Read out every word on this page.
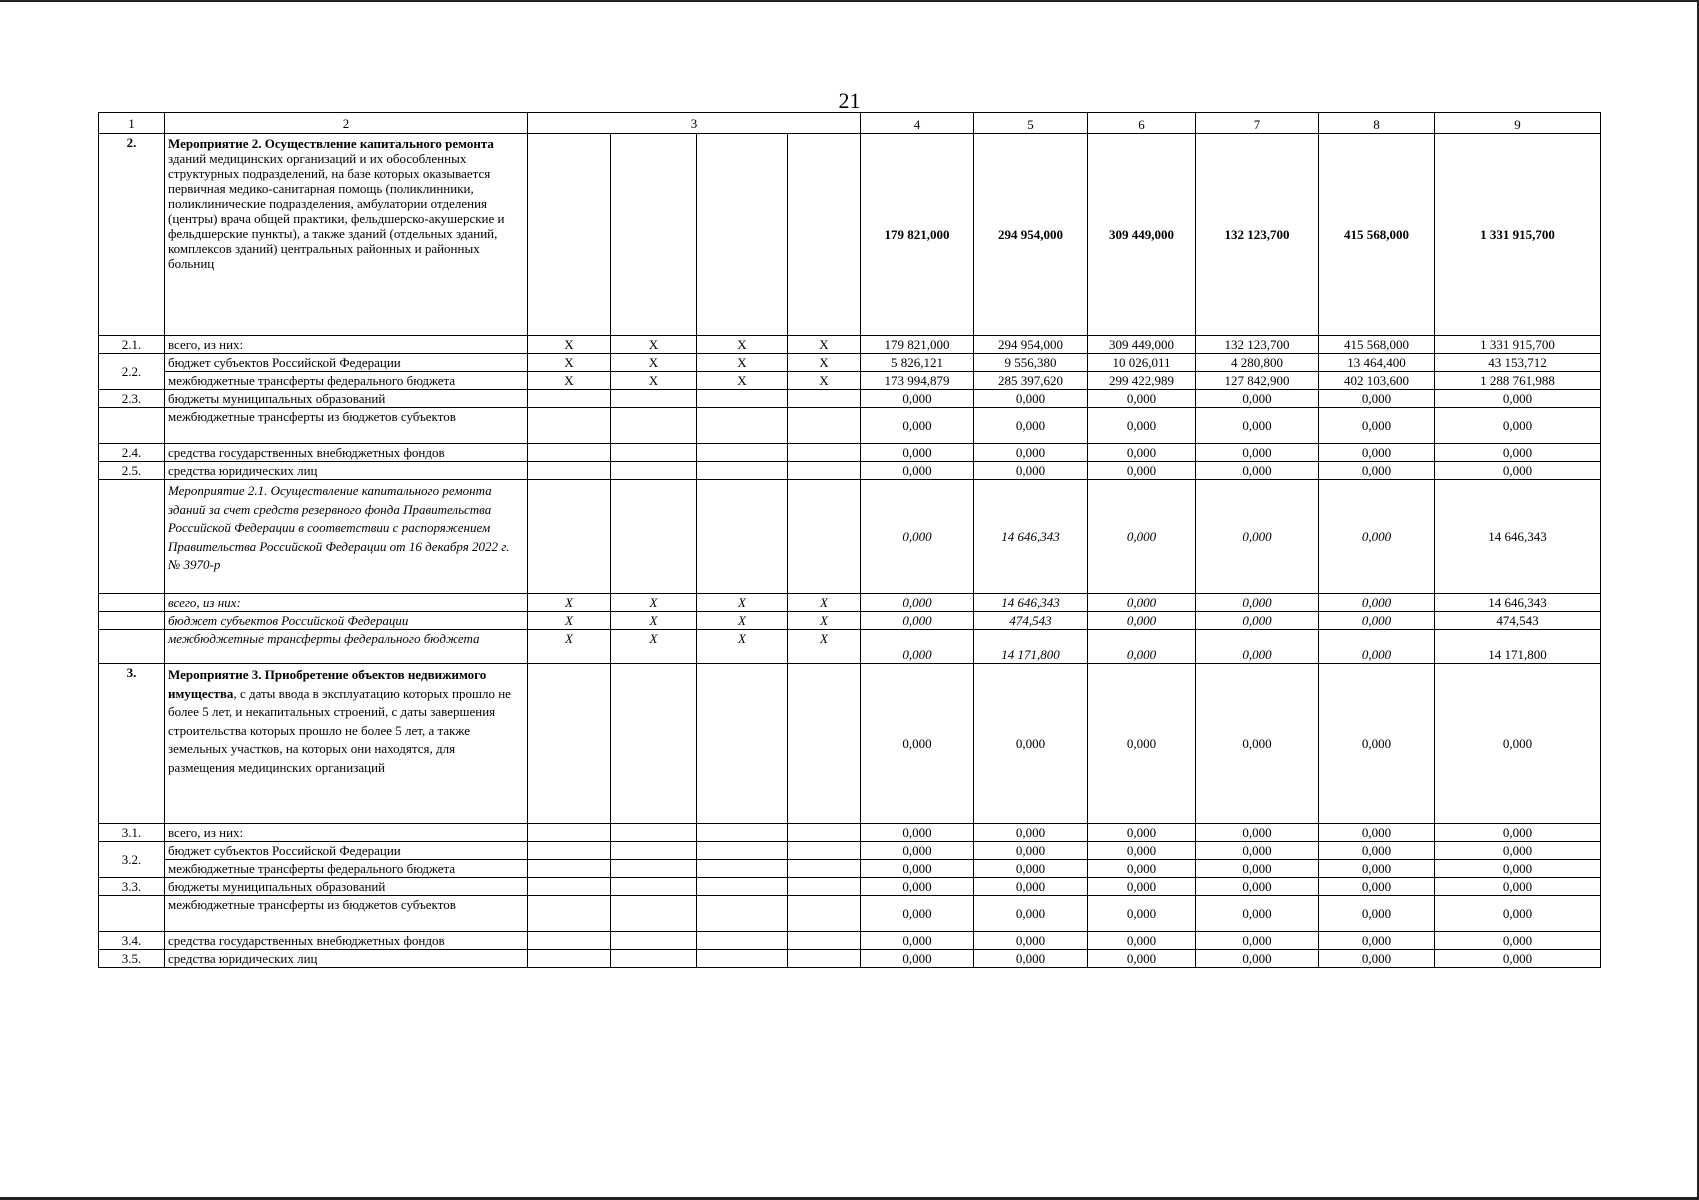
21
1	2	3				4	5	6	7	8	9
2.	Мероприятие 2. Осуществление капитального ремонта зданий медицинских организаций и их обособленных структурных подразделений, на базе которых оказывается первичная медико-санитарная помощь (поликлинники, поликлинические подразделения, амбулатории отделения (центры) врача общей практики, фельдшерско-акушерские и фельдшерские пункты), а также зданий (отдельных зданий, комплексов зданий) центральных районных и районных больниц					179 821,000	294 954,000	309 449,000	132 123,700	415 568,000	1 331 915,700
2.1.	всего, из них:	Х	Х	Х	Х	179 821,000	294 954,000	309 449,000	132 123,700	415 568,000	1 331 915,700
2.2.	бюджет субъектов Российской Федерации	Х	Х	Х	Х	5 826,121	9 556,380	10 026,011	4 280,800	13 464,400	43 153,712
	межбюджетные трансферты федерального бюджета	Х	Х	Х	Х	173 994,879	285 397,620	299 422,989	127 842,900	402 103,600	1 288 761,988
2.3.	бюджеты муниципальных образований					0,000	0,000	0,000	0,000	0,000	0,000
	межбюджетные трансферты из бюджетов субъектов					0,000	0,000	0,000	0,000	0,000	0,000
2.4.	средства государственных внебюджетных фондов					0,000	0,000	0,000	0,000	0,000	0,000
2.5.	средства юридических лиц					0,000	0,000	0,000	0,000	0,000	0,000
	Мероприятие 2.1. Осуществление капитального ремонта зданий за счет средств резервного фонда Правительства Российской Федерации в соответствии с распоряжением Правительства Российской Федерации от 16 декабря 2022 г. № 3970-р					0,000	14 646,343	0,000	0,000	0,000	14 646,343
	всего, из них:	Х	Х	Х	Х	0,000	14 646,343	0,000	0,000	0,000	14 646,343
	бюджет субъектов Российской Федерации	Х	Х	Х	Х	0,000	474,543	0,000	0,000	0,000	474,543
	межбюджетные трансферты федерального бюджета	Х	Х	Х	Х	0,000	14 171,800	0,000	0,000	0,000	14 171,800
3.	Мероприятие 3. Приобретение объектов недвижимого имущества, с даты ввода в эксплуатацию которых прошло не более 5 лет, и некапитальных строений, с даты завершения строительства которых прошло не более 5 лет, а также земельных участков, на которых они находятся, для размещения медицинских организаций					0,000	0,000	0,000	0,000	0,000	0,000
3.1.	всего, из них:					0,000	0,000	0,000	0,000	0,000	0,000
3.2.	бюджет субъектов Российской Федерации					0,000	0,000	0,000	0,000	0,000	0,000
	межбюджетные трансферты федерального бюджета					0,000	0,000	0,000	0,000	0,000	0,000
3.3.	бюджеты муниципальных образований					0,000	0,000	0,000	0,000	0,000	0,000
	межбюджетные трансферты из бюджетов субъектов					0,000	0,000	0,000	0,000	0,000	0,000
3.4.	средства государственных внебюджетных фондов					0,000	0,000	0,000	0,000	0,000	0,000
3.5.	средства юридических лиц					0,000	0,000	0,000	0,000	0,000	0,000
